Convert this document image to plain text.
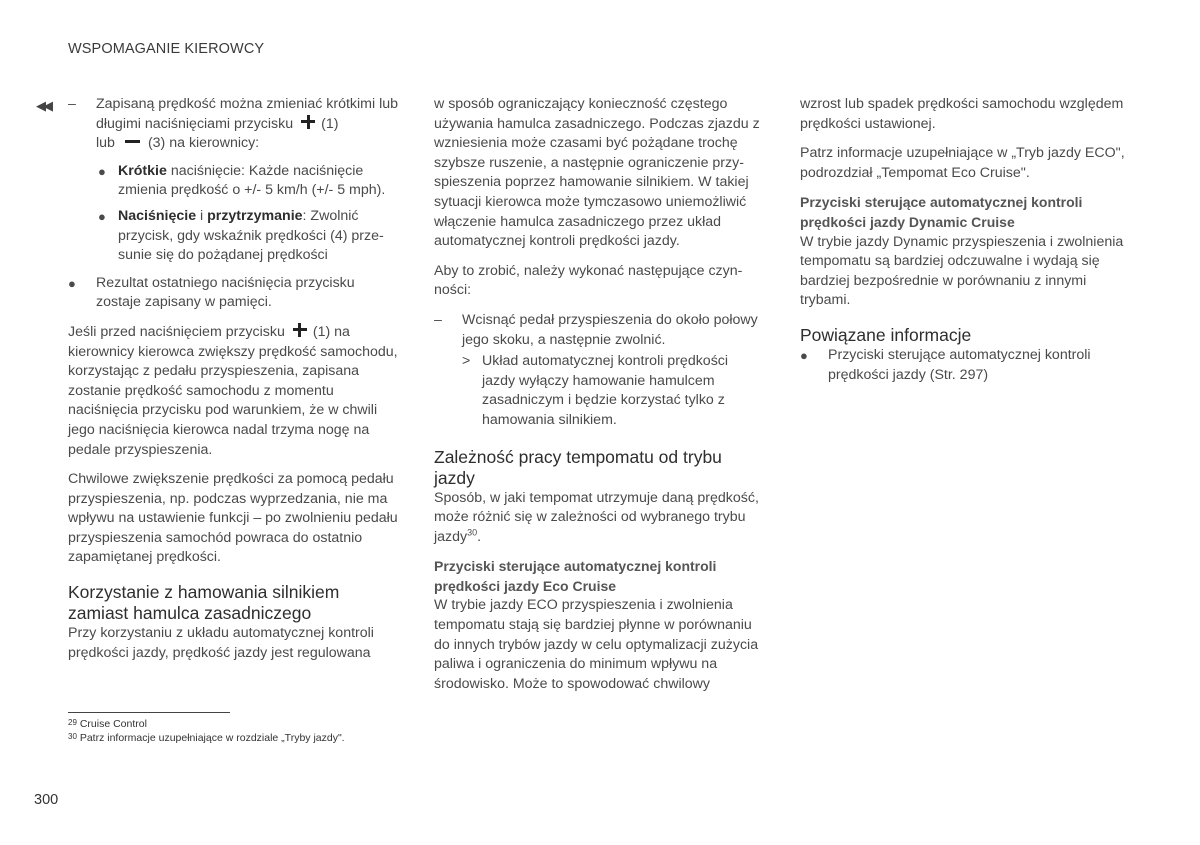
WSPOMAGANIE KIEROWCY
◀◀ –	Zapisaną prędkość można zmieniać krótkimi lub długimi naciśnięciami przycisku (1)
lub (3) na kierownicy:
● Krótkie naciśnięcie: Każde naciśnięcie zmienia prędkość o +/- 5 km/h (+/- 5 mph).
● Naciśnięcie i przytrzymanie: Zwolnić przycisk, gdy wskaźnik prędkości (4) przesunie się do pożądanej prędkości
●	Rezultat ostatniego naciśnięcia przycisku zostaje zapisany w pamięci.

Jeśli przed naciśnięciem przycisku (1) na kierownicy kierowca zwiększy prędkość samochodu, korzystając z pedału przyspieszenia, zapisana zostanie prędkość samochodu z momentu naciśnięcia przycisku pod warunkiem, że w chwili jego naciśnięcia kierowca nadal trzyma nogę na pedale przyspieszenia.

Chwilowe zwiększenie prędkości za pomocą pedału przyspieszenia, np. podczas wyprzedzania, nie ma wpływu na ustawienie funkcji – po zwolnieniu pedału przyspieszenia samochód powraca do ostatnio zapamiętanej prędkości.

Korzystanie z hamowania silnikiem zamiast hamulca zasadniczego

Przy korzystaniu z układu automatycznej kontroli prędkości jazdy, prędkość jazdy jest regulowana

w sposób ograniczający konieczność częstego używania hamulca zasadniczego. Podczas zjazdu z wzniesienia może czasami być pożądane trochę szybsze ruszenie, a następnie ograniczenie przyspieszenia poprzez hamowanie silnikiem. W takiej sytuacji kierowca może tymczasowo uniemożliwić włączenie hamulca zasadniczego przez układ automatycznej kontroli prędkości jazdy.

Aby to zrobić, należy wykonać następujące czynności:

–	Wcisnąć pedał przyspieszenia do około połowy jego skoku, a następnie zwolnić.
> Układ automatycznej kontroli prędkości jazdy wyłączy hamowanie hamulcem zasadniczym i będzie korzystać tylko z hamowania silnikiem.
Zależność pracy tempomatu od trybu jazdy

Sposób, w jaki tempomat utrzymuje daną prędkość, może różnić się w zależności od wybranego trybu jazdy$^{30}$.

Przyciski sterujące automatycznej kontroli prędkości jazdy Eco Cruise

W trybie jazdy ECO przyspieszenia i zwolnienia tempomatu stają się bardziej płynne w porównaniu do innych trybów jazdy w celu optymalizacji zużycia paliwa i ograniczenia do minimum wpływu na środowisko. Może to spowodować chwilowy

wzrost lub spadek prędkości samochodu względem prędkości ustawionej.

Patrz informacje uzupełniające w „Tryb jazdy ECO", podrozdział „Tempomat Eco Cruise".

Przyciski sterujące automatycznej kontroli prędkości jazdy Dynamic Cruise

W trybie jazdy Dynamic przyspieszenia i zwolnienia tempomatu są bardziej odczuwalne i wydają się bardziej bezpośrednie w porównaniu z innymi trybami.

Powiązane informacje
●	Przyciski sterujące automatycznej kontroli prędkości jazdy (Str. 297)
$^{29}$ Cruise Control
$^{30}$ Patrz informacje uzupełniające w rozdziale „Tryby jazdy".
300
